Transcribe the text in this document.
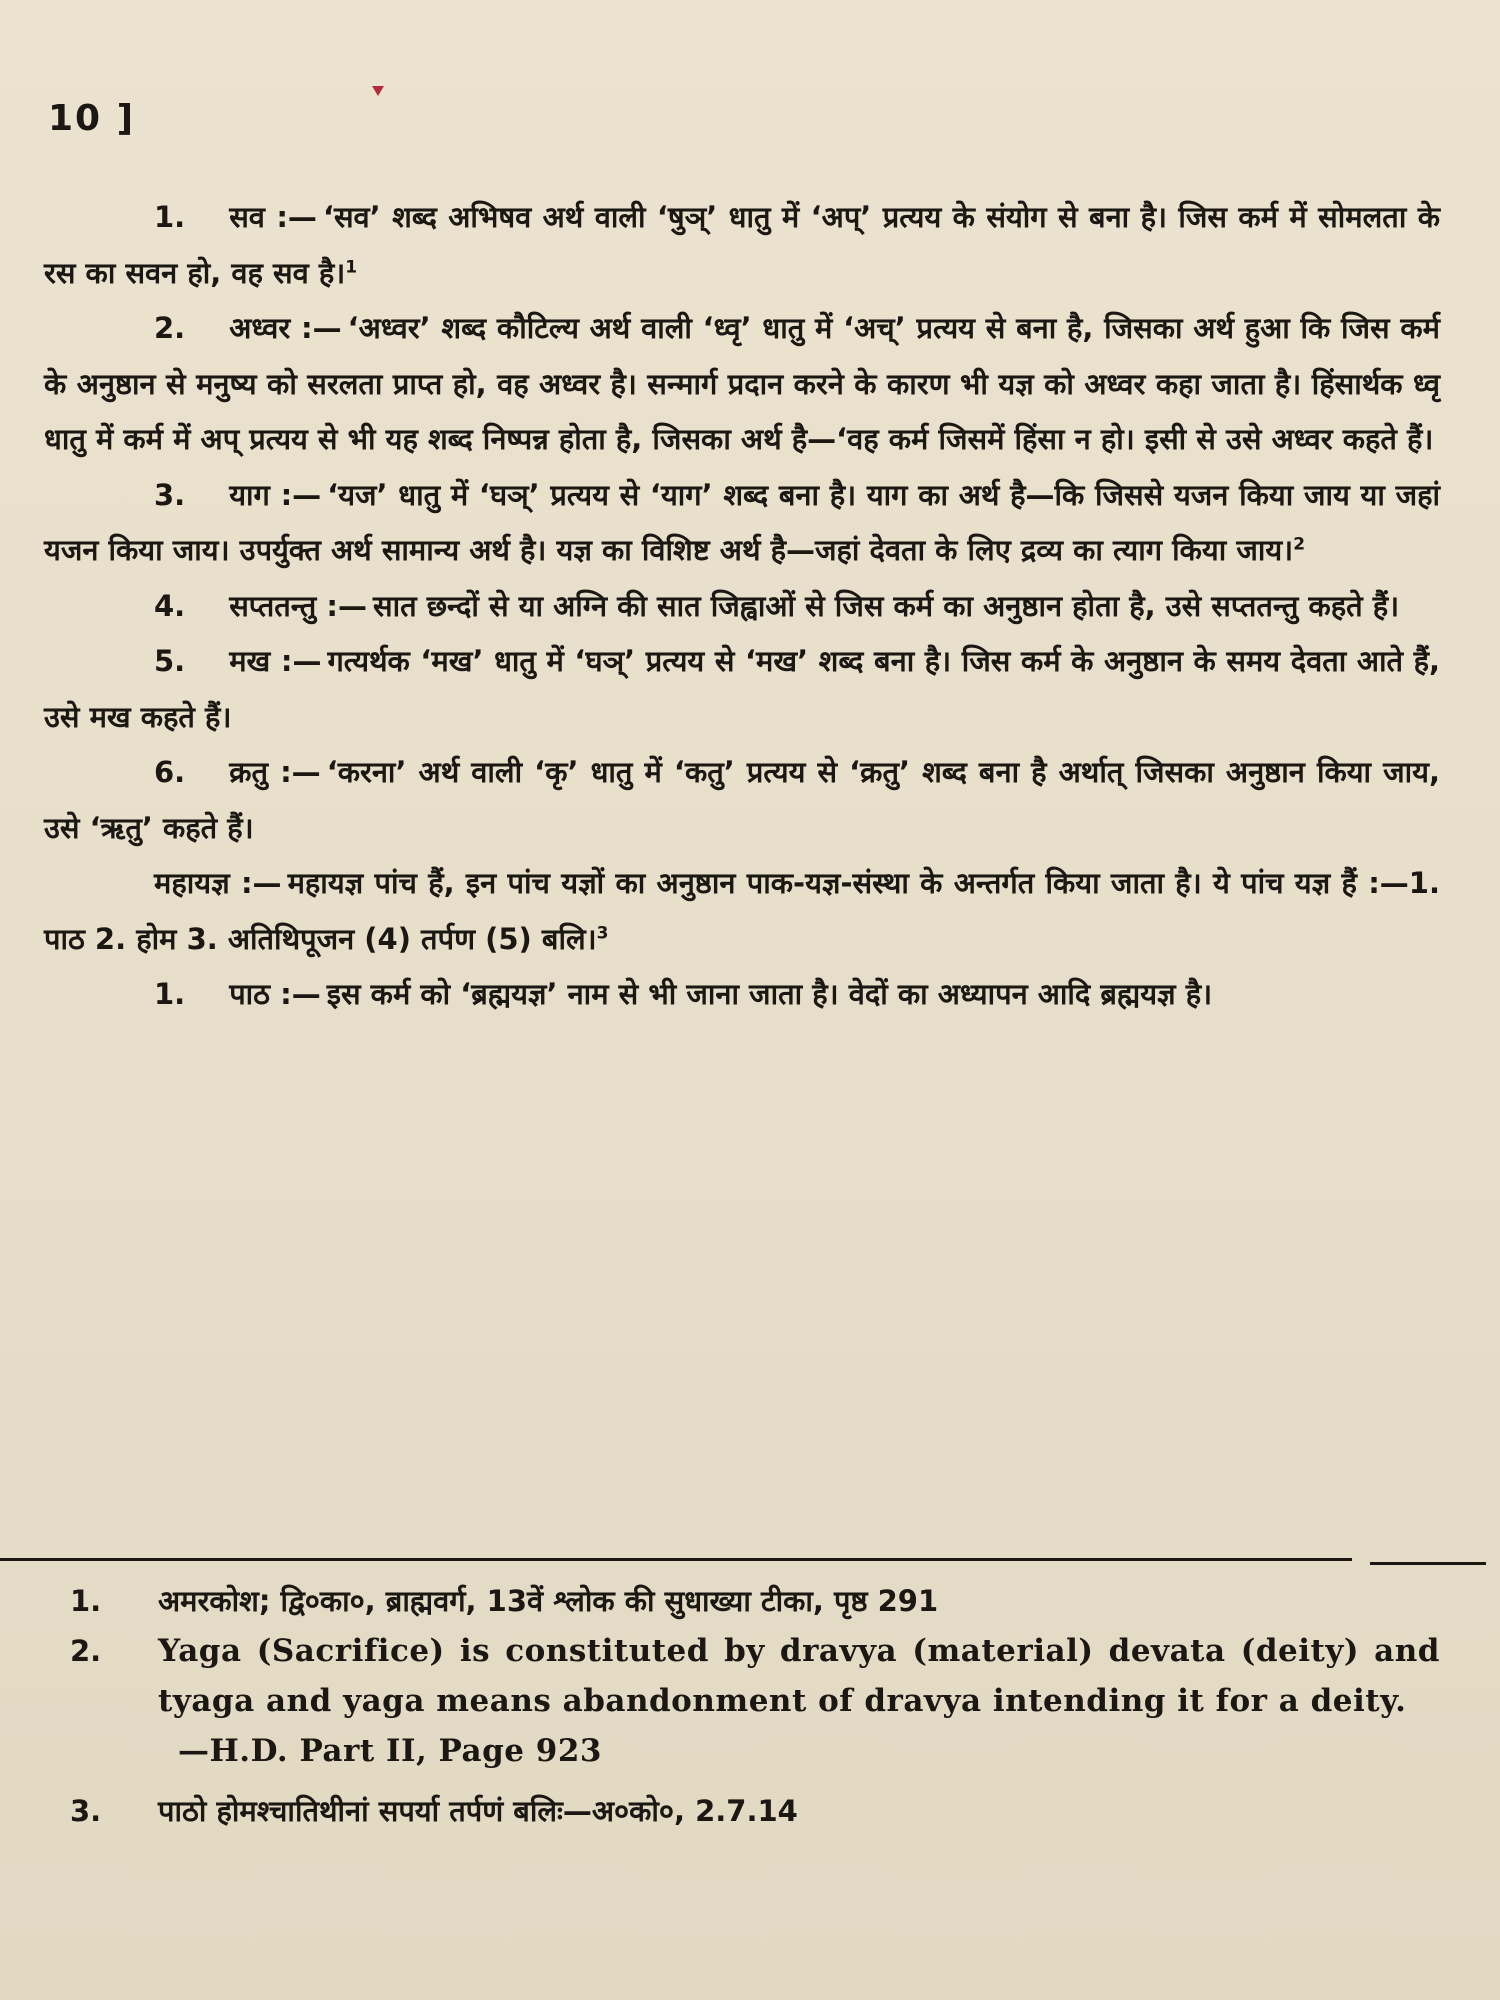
10 ]

1. सव :— ‘सव’ शब्द अभिषव अर्थ वाली ‘षुञ्’ धातु में ‘अप्’ प्रत्यय के संयोग से बना है। जिस कर्म में सोमलता के रस का सवन हो, वह सव है।$^1$

2. अध्वर :— ‘अध्वर’ शब्द कौटिल्य अर्थ वाली ‘ध्वृ’ धातु में ‘अच्’ प्रत्यय से बना है, जिसका अर्थ हुआ कि जिस कर्म के अनुष्ठान से मनुष्य को सरलता प्राप्त हो, वह अध्वर है। सन्मार्ग प्रदान करने के कारण भी यज्ञ को अध्वर कहा जाता है। हिंसार्थक ध्वृ धातु में कर्म में अप् प्रत्यय से भी यह शब्द निष्पन्न होता है, जिसका अर्थ है—‘वह कर्म जिसमें हिंसा न हो। इसी से उसे अध्वर कहते हैं।

3. याग :— ‘यज’ धातु में ‘घञ्’ प्रत्यय से ‘याग’ शब्द बना है। याग का अर्थ है—कि जिससे यजन किया जाय या जहां यजन किया जाय। उपर्युक्त अर्थ सामान्य अर्थ है। यज्ञ का विशिष्ट अर्थ है—जहां देवता के लिए द्रव्य का त्याग किया जाय।$^2$

4. सप्ततन्तु :— सात छन्दों से या अग्नि की सात जिह्वाओं से जिस कर्म का अनुष्ठान होता है, उसे सप्ततन्तु कहते हैं।

5. मख :— गत्यर्थक ‘मख’ धातु में ‘घञ्’ प्रत्यय से ‘मख’ शब्द बना है। जिस कर्म के अनुष्ठान के समय देवता आते हैं, उसे मख कहते हैं।

6. क्रतु :— ‘करना’ अर्थ वाली ‘कृ’ धातु में ‘कतु’ प्रत्यय से ‘क्रतु’ शब्द बना है अर्थात् जिसका अनुष्ठान किया जाय, उसे ‘ऋतु’ कहते हैं।

महायज्ञ :— महायज्ञ पांच हैं, इन पांच यज्ञों का अनुष्ठान पाक-यज्ञ-संस्था के अन्तर्गत किया जाता है। ये पांच यज्ञ हैं :—1. पाठ 2. होम 3. अतिथिपूजन (4) तर्पण (5) बलि।$^3$

1. पाठ :— इस कर्म को ‘ब्रह्मयज्ञ’ नाम से भी जाना जाता है। वेदों का अध्यापन आदि ब्रह्मयज्ञ है।

1.	अमरकोश; द्वि०का०, ब्राह्मवर्ग, 13वें श्लोक की सुधाख्या टीका, पृष्ठ 291
2.	Yaga (Sacrifice) is constituted by dravya (material) devata (deity) and tyaga and yaga means abandonment of dravya intending it for a deity.
—H.D. Part II, Page 923
3.	पाठो होमश्चातिथीनां सपर्या तर्पणं बलिः—अ०को०, 2.7.14
